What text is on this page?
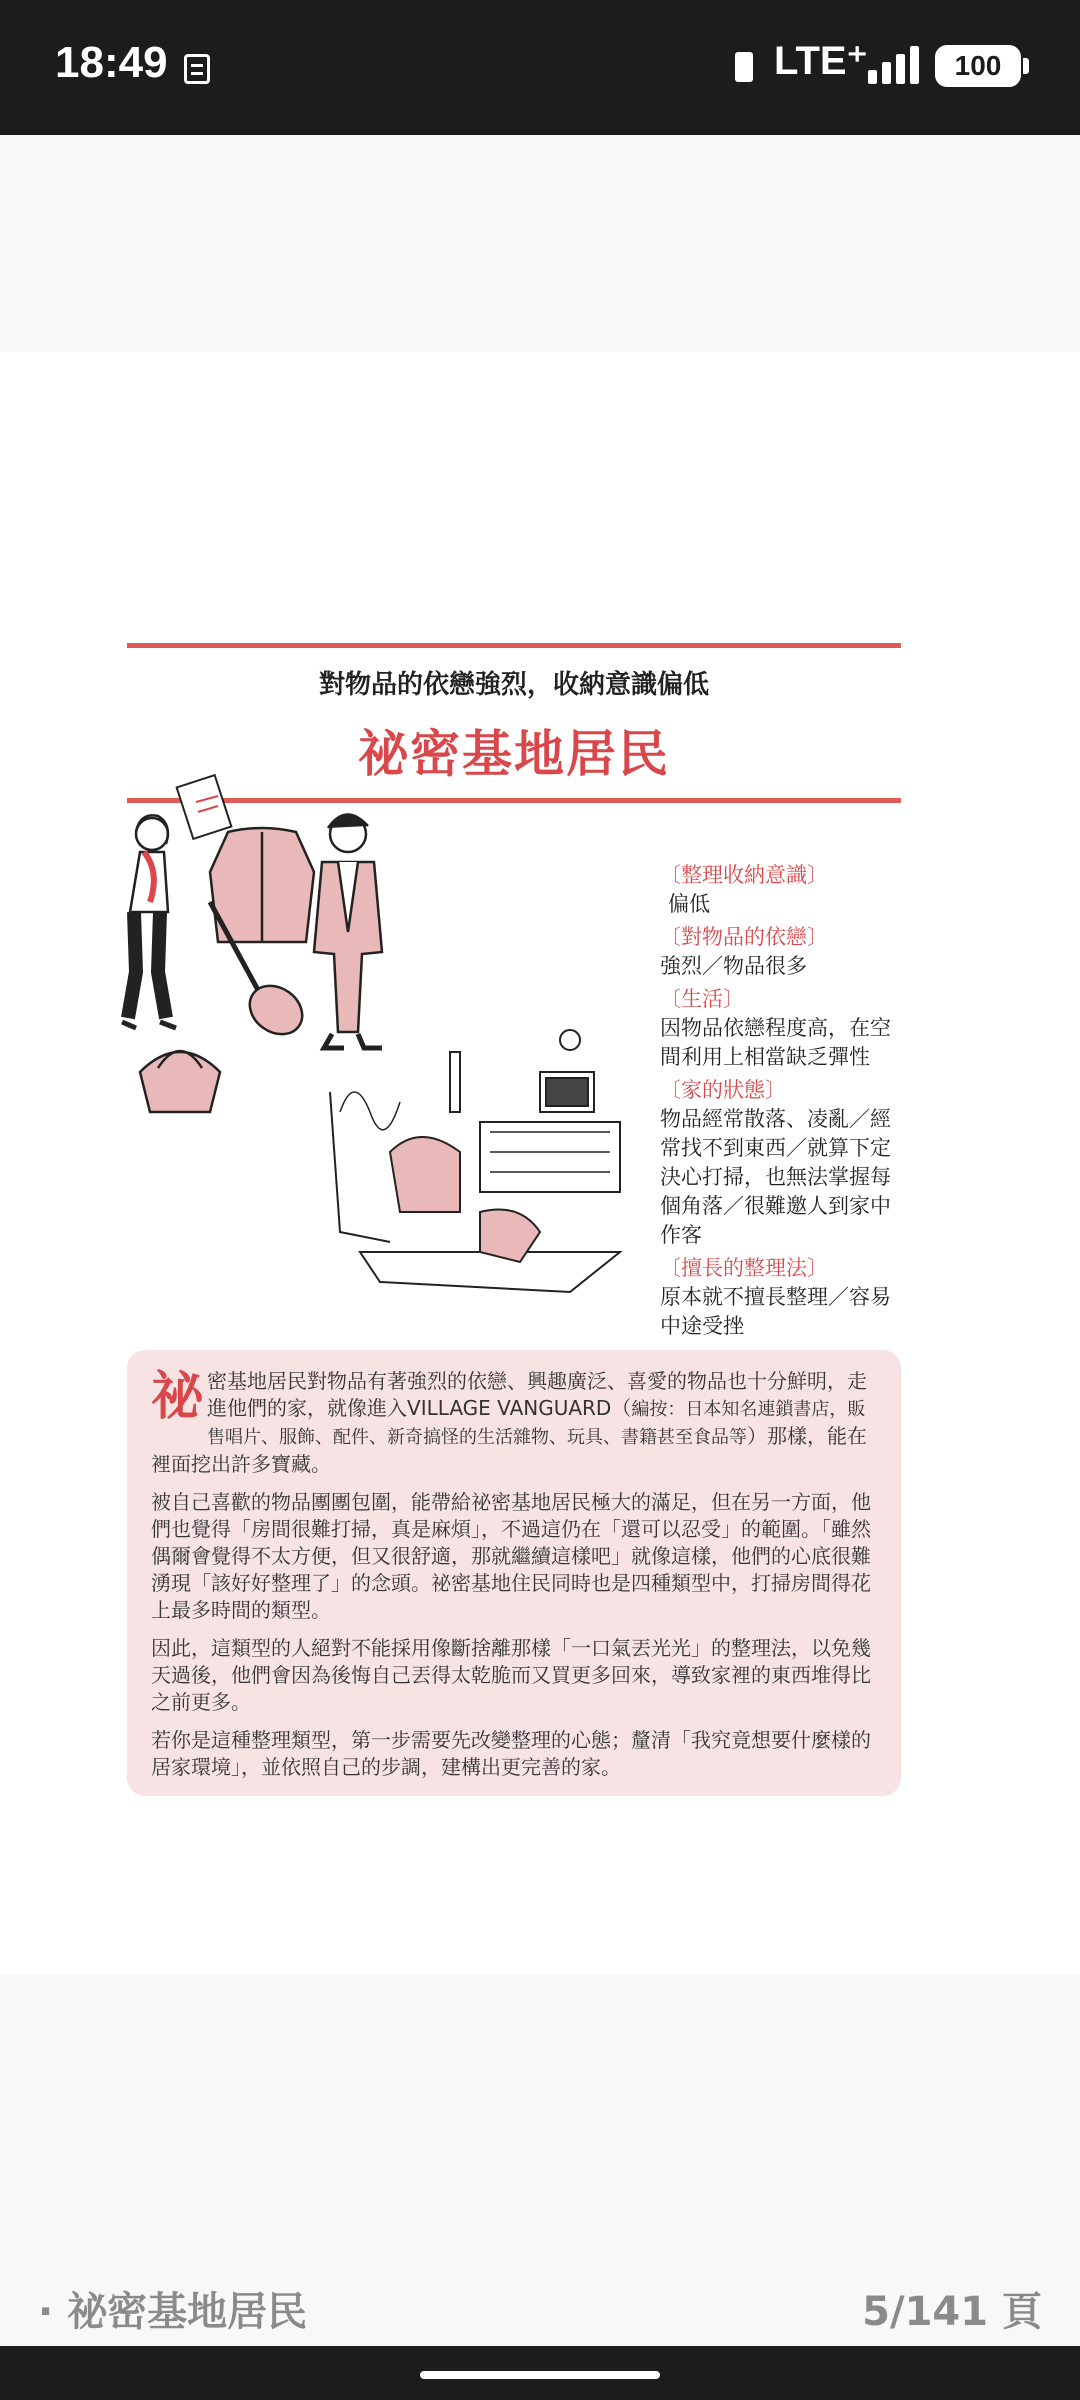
18:49	LTE⁺	100
對物品的依戀強烈，收納意識偏低
祕密基地居民
〔整理收納意識〕
偏低
〔對物品的依戀〕
強烈／物品很多
〔生活〕
因物品依戀程度高，在空間利用上相當缺乏彈性
〔家的狀態〕
物品經常散落、凌亂／經常找不到東西／就算下定決心打掃，也無法掌握每個角落／很難邀人到家中作客
〔擅長的整理法〕
原本就不擅長整理／容易中途受挫

祕密基地居民對物品有著強烈的依戀、興趣廣泛、喜愛的物品也十分鮮明，走進他們的家，就像進入VILLAGE VANGUARD（編按：日本知名連鎖書店，販售唱片、服飾、配件、新奇搞怪的生活雜物、玩具、書籍甚至食品等）那樣，能在裡面挖出許多寶藏。

被自己喜歡的物品團團包圍，能帶給祕密基地居民極大的滿足，但在另一方面，他們也覺得「房間很難打掃，真是麻煩」，不過這仍在「還可以忍受」的範圍。「雖然偶爾會覺得不太方便，但又很舒適，那就繼續這樣吧」就像這樣，他們的心底很難湧現「該好好整理了」的念頭。祕密基地住民同時也是四種類型中，打掃房間得花上最多時間的類型。

因此，這類型的人絕對不能採用像斷捨離那樣「一口氣丟光光」的整理法，以免幾天過後，他們會因為後悔自己丟得太乾脆而又買更多回來，導致家裡的東西堆得比之前更多。

若你是這種整理類型，第一步需要先改變整理的心態；釐清「我究竟想要什麼樣的居家環境」，並依照自己的步調，建構出更完善的家。

· 祕密基地居民	5/141 頁
